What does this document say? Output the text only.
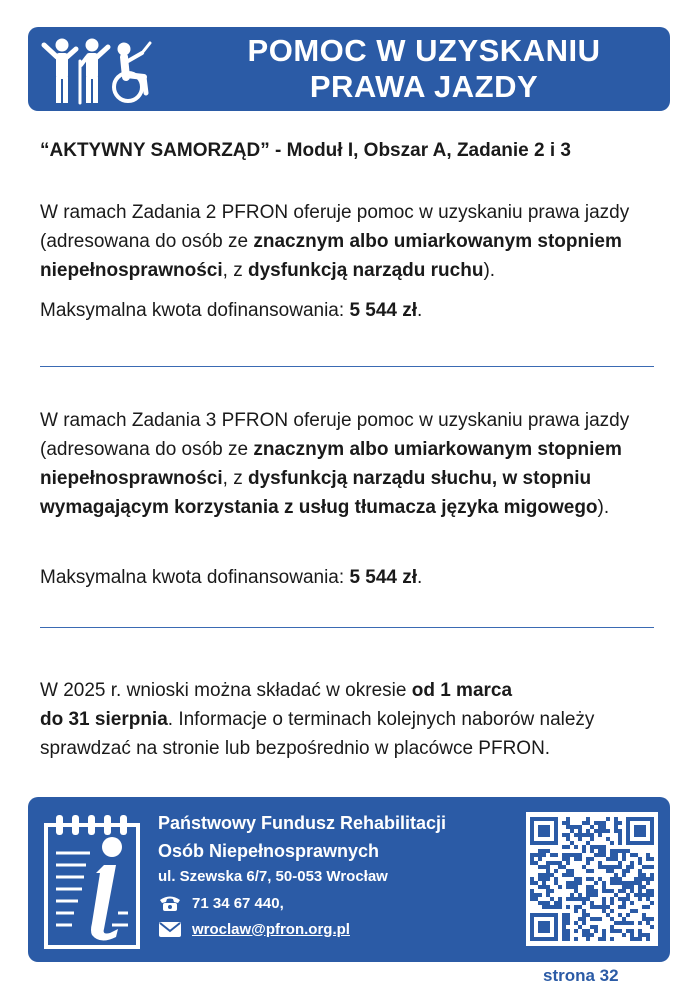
POMOC W UZYSKANIU
PRAWA JAZDY
“AKTYWNY SAMORZĄD” - Moduł I, Obszar A, Zadanie 2 i 3
W ramach Zadania 2 PFRON oferuje pomoc w uzyskaniu prawa jazdy (adresowana do osób ze znacznym albo umiarkowanym stopniem niepełnosprawności, z dysfunkcją narządu ruchu).
Maksymalna kwota dofinansowania: 5 544 zł.
W ramach Zadania 3 PFRON oferuje pomoc w uzyskaniu prawa jazdy (adresowana do osób ze znacznym albo umiarkowanym stopniem niepełnosprawności, z dysfunkcją narządu słuchu, w stopniu wymagającym korzystania z usług tłumacza języka migowego).
Maksymalna kwota dofinansowania: 5 544 zł.
W 2025 r. wnioski można składać w okresie od 1 marca
do 31 sierpnia. Informacje o terminach kolejnych naborów należy sprawdzać na stronie lub bezpośrednio w placówce PFRON.
Państwowy Fundusz Rehabilitacji
Osób Niepełnosprawnych
ul. Szewska 6/7, 50-053 Wrocław
71 34 67 440,
wroclaw@pfron.org.pl
strona 32
